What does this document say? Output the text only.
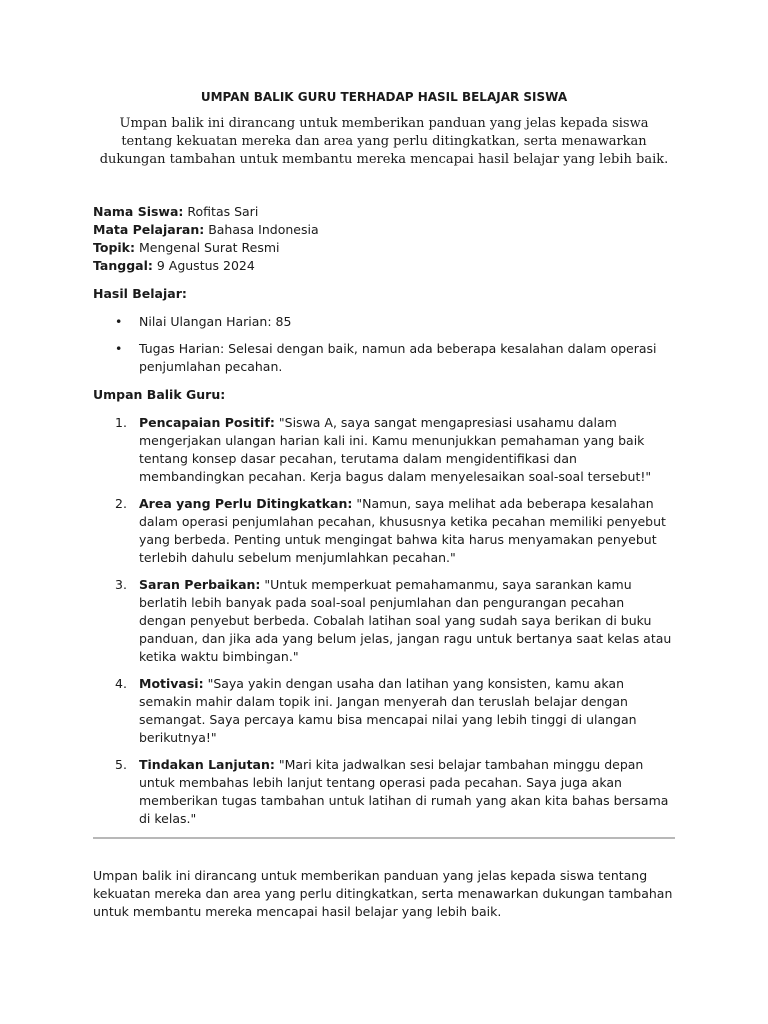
UMPAN BALIK GURU TERHADAP HASIL BELAJAR SISWA

Umpan balik ini dirancang untuk memberikan panduan yang jelas kepada siswa tentang kekuatan mereka dan area yang perlu ditingkatkan, serta menawarkan dukungan tambahan untuk membantu mereka mencapai hasil belajar yang lebih baik.

Nama Siswa: Rofitas Sari
Mata Pelajaran: Bahasa Indonesia
Topik: Mengenal Surat Resmi
Tanggal: 9 Agustus 2024
Hasil Belajar:
• Nilai Ulangan Harian: 85
• Tugas Harian: Selesai dengan baik, namun ada beberapa kesalahan dalam operasi penjumlahan pecahan.
Umpan Balik Guru:
1. Pencapaian Positif: "Siswa A, saya sangat mengapresiasi usahamu dalam mengerjakan ulangan harian kali ini. Kamu menunjukkan pemahaman yang baik tentang konsep dasar pecahan, terutama dalam mengidentifikasi dan membandingkan pecahan. Kerja bagus dalam menyelesaikan soal-soal tersebut!"
2. Area yang Perlu Ditingkatkan: "Namun, saya melihat ada beberapa kesalahan dalam operasi penjumlahan pecahan, khususnya ketika pecahan memiliki penyebut yang berbeda. Penting untuk mengingat bahwa kita harus menyamakan penyebut terlebih dahulu sebelum menjumlahkan pecahan."
3. Saran Perbaikan: "Untuk memperkuat pemahamanmu, saya sarankan kamu berlatih lebih banyak pada soal-soal penjumlahan dan pengurangan pecahan dengan penyebut berbeda. Cobalah latihan soal yang sudah saya berikan di buku panduan, dan jika ada yang belum jelas, jangan ragu untuk bertanya saat kelas atau ketika waktu bimbingan."
4. Motivasi: "Saya yakin dengan usaha dan latihan yang konsisten, kamu akan semakin mahir dalam topik ini. Jangan menyerah dan teruslah belajar dengan semangat. Saya percaya kamu bisa mencapai nilai yang lebih tinggi di ulangan berikutnya!"
5. Tindakan Lanjutan: "Mari kita jadwalkan sesi belajar tambahan minggu depan untuk membahas lebih lanjut tentang operasi pada pecahan. Saya juga akan memberikan tugas tambahan untuk latihan di rumah yang akan kita bahas bersama di kelas."
Umpan balik ini dirancang untuk memberikan panduan yang jelas kepada siswa tentang kekuatan mereka dan area yang perlu ditingkatkan, serta menawarkan dukungan tambahan untuk membantu mereka mencapai hasil belajar yang lebih baik.
